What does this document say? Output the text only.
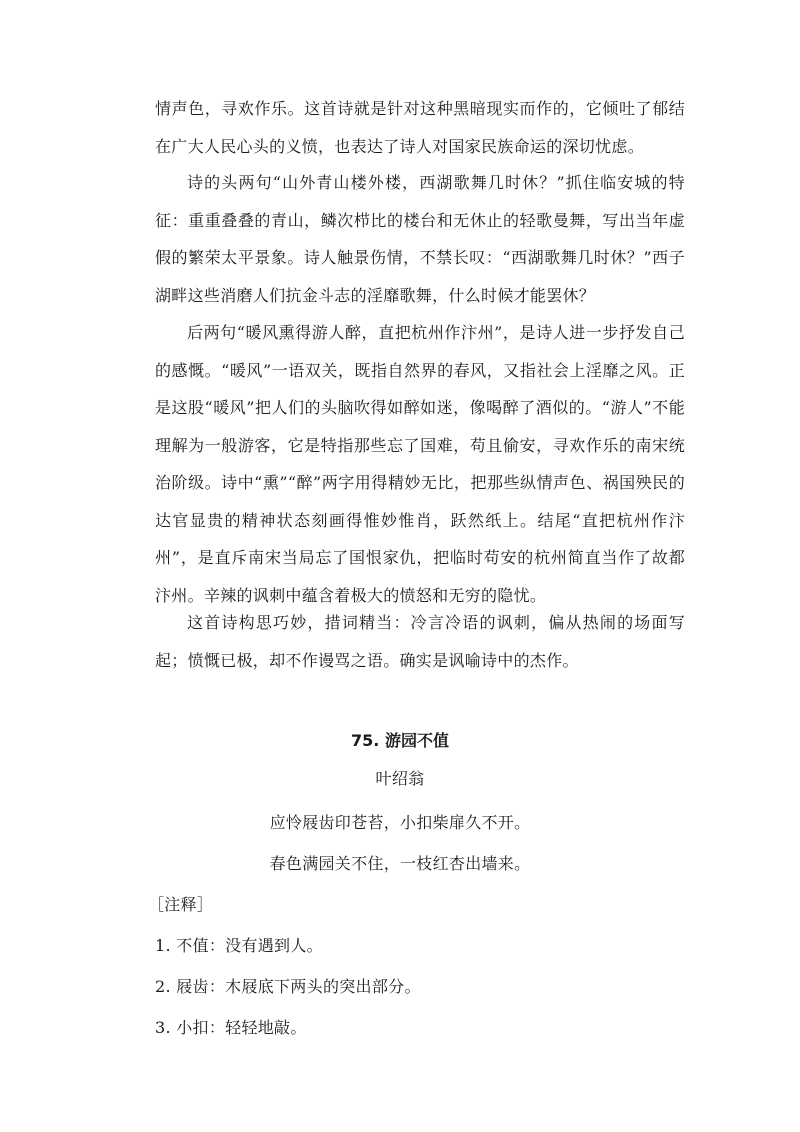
情声色，寻欢作乐。这首诗就是针对这种黑暗现实而作的，它倾吐了郁结在广大人民心头的义愤，也表达了诗人对国家民族命运的深切忧虑。

诗的头两句“山外青山楼外楼，西湖歌舞几时休？”抓住临安城的特征：重重叠叠的青山，鳞次栉比的楼台和无休止的轻歌曼舞，写出当年虚假的繁荣太平景象。诗人触景伤情，不禁长叹：“西湖歌舞几时休？”西子湖畔这些消磨人们抗金斗志的淫靡歌舞，什么时候才能罢休？

后两句“暖风熏得游人醉，直把杭州作汴州”，是诗人进一步抒发自己的感慨。“暖风”一语双关，既指自然界的春风，又指社会上淫靡之风。正是这股“暖风”把人们的头脑吹得如醉如迷，像喝醉了酒似的。“游人”不能理解为一般游客，它是特指那些忘了国难，苟且偷安，寻欢作乐的南宋统治阶级。诗中“熏”“醉”两字用得精妙无比，把那些纵情声色、祸国殃民的达官显贵的精神状态刻画得惟妙惟肖，跃然纸上。结尾“直把杭州作汴州”，是直斥南宋当局忘了国恨家仇，把临时苟安的杭州简直当作了故都汴州。辛辣的讽刺中蕴含着极大的愤怒和无穷的隐忧。

这首诗构思巧妙，措词精当：冷言冷语的讽刺，偏从热闹的场面写起；愤慨已极，却不作谩骂之语。确实是讽喻诗中的杰作。

75. 游园不值

叶绍翁

应怜屐齿印苍苔，小扣柴扉久不开。

春色满园关不住，一枝红杏出墙来。

［注释］

1. 不值：没有遇到人。

2. 屐齿：木屐底下两头的突出部分。

3. 小扣：轻轻地敲。
